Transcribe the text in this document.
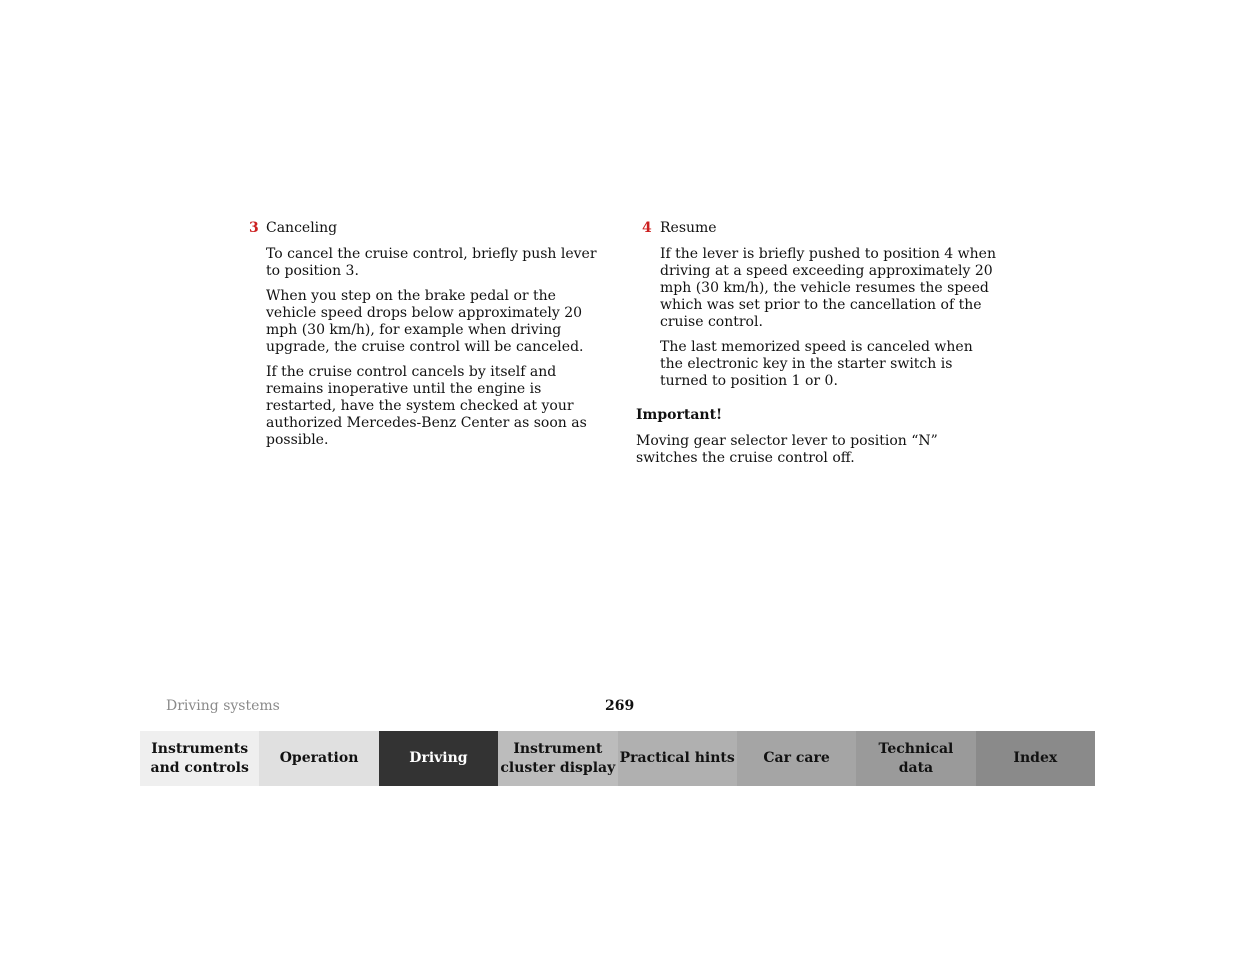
3 Canceling

To cancel the cruise control, briefly push lever to position 3.

When you step on the brake pedal or the vehicle speed drops below approximately 20 mph (30 km/h), for example when driving upgrade, the cruise control will be canceled.

If the cruise control cancels by itself and remains inoperative until the engine is restarted, have the system checked at your authorized Mercedes-Benz Center as soon as possible.

4 Resume

If the lever is briefly pushed to position 4 when driving at a speed exceeding approximately 20 mph (30 km/h), the vehicle resumes the speed which was set prior to the cancellation of the cruise control.

The last memorized speed is canceled when the electronic key in the starter switch is turned to position 1 or 0.

Important!

Moving gear selector lever to position “N” switches the cruise control off.

Driving systems	269
Instruments
and controls
Operation	Driving
Instrument
cluster display
Practical hints	Car care
Technical
data
Index
